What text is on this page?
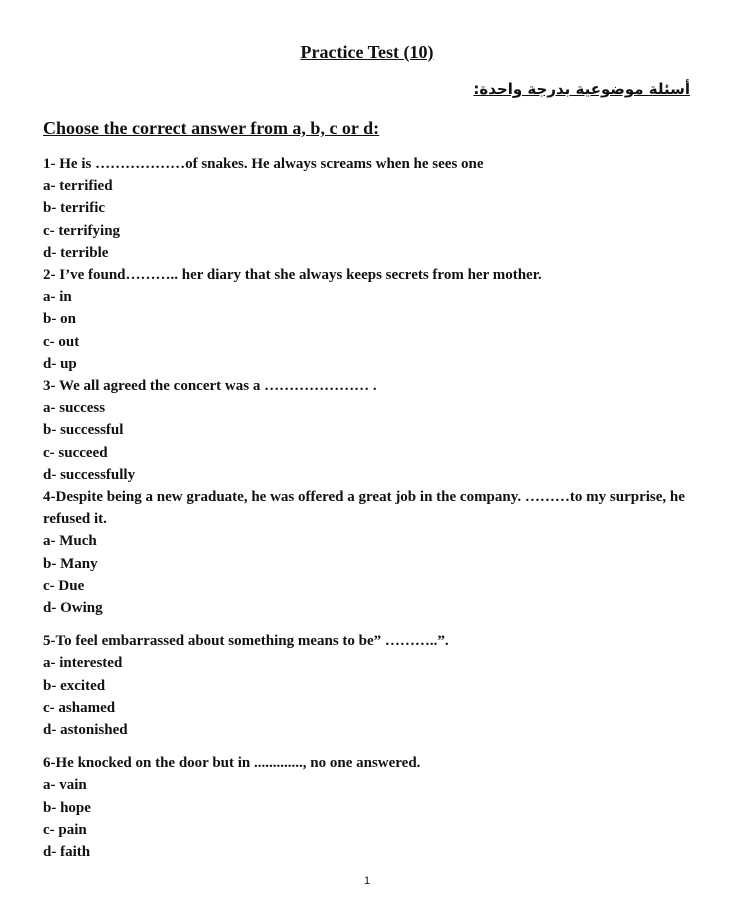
Practice Test (10)
أسئلة موضوعية بدرجة واحدة:
Choose the correct answer from a, b, c or d:

1- He is ………………of snakes. He always screams when he sees one

a- terrified

b- terrific

c- terrifying

d- terrible

2- I’ve found……….. her diary that she always keeps secrets from her mother.

a- in

b- on

c- out

d- up

3- We all agreed the concert was a ………………… .

a- success

b- successful

c- succeed

d- successfully

4-Despite being a new graduate, he was offered a great job in the company. ………to my surprise, he refused it.

a- Much

b- Many

c- Due

d- Owing

5-To feel embarrassed about something means to be” ………..”.

a- interested

b- excited

c- ashamed

d- astonished

6-He knocked on the door but in ............., no one answered.

a- vain

b- hope

c- pain

d- faith

1
